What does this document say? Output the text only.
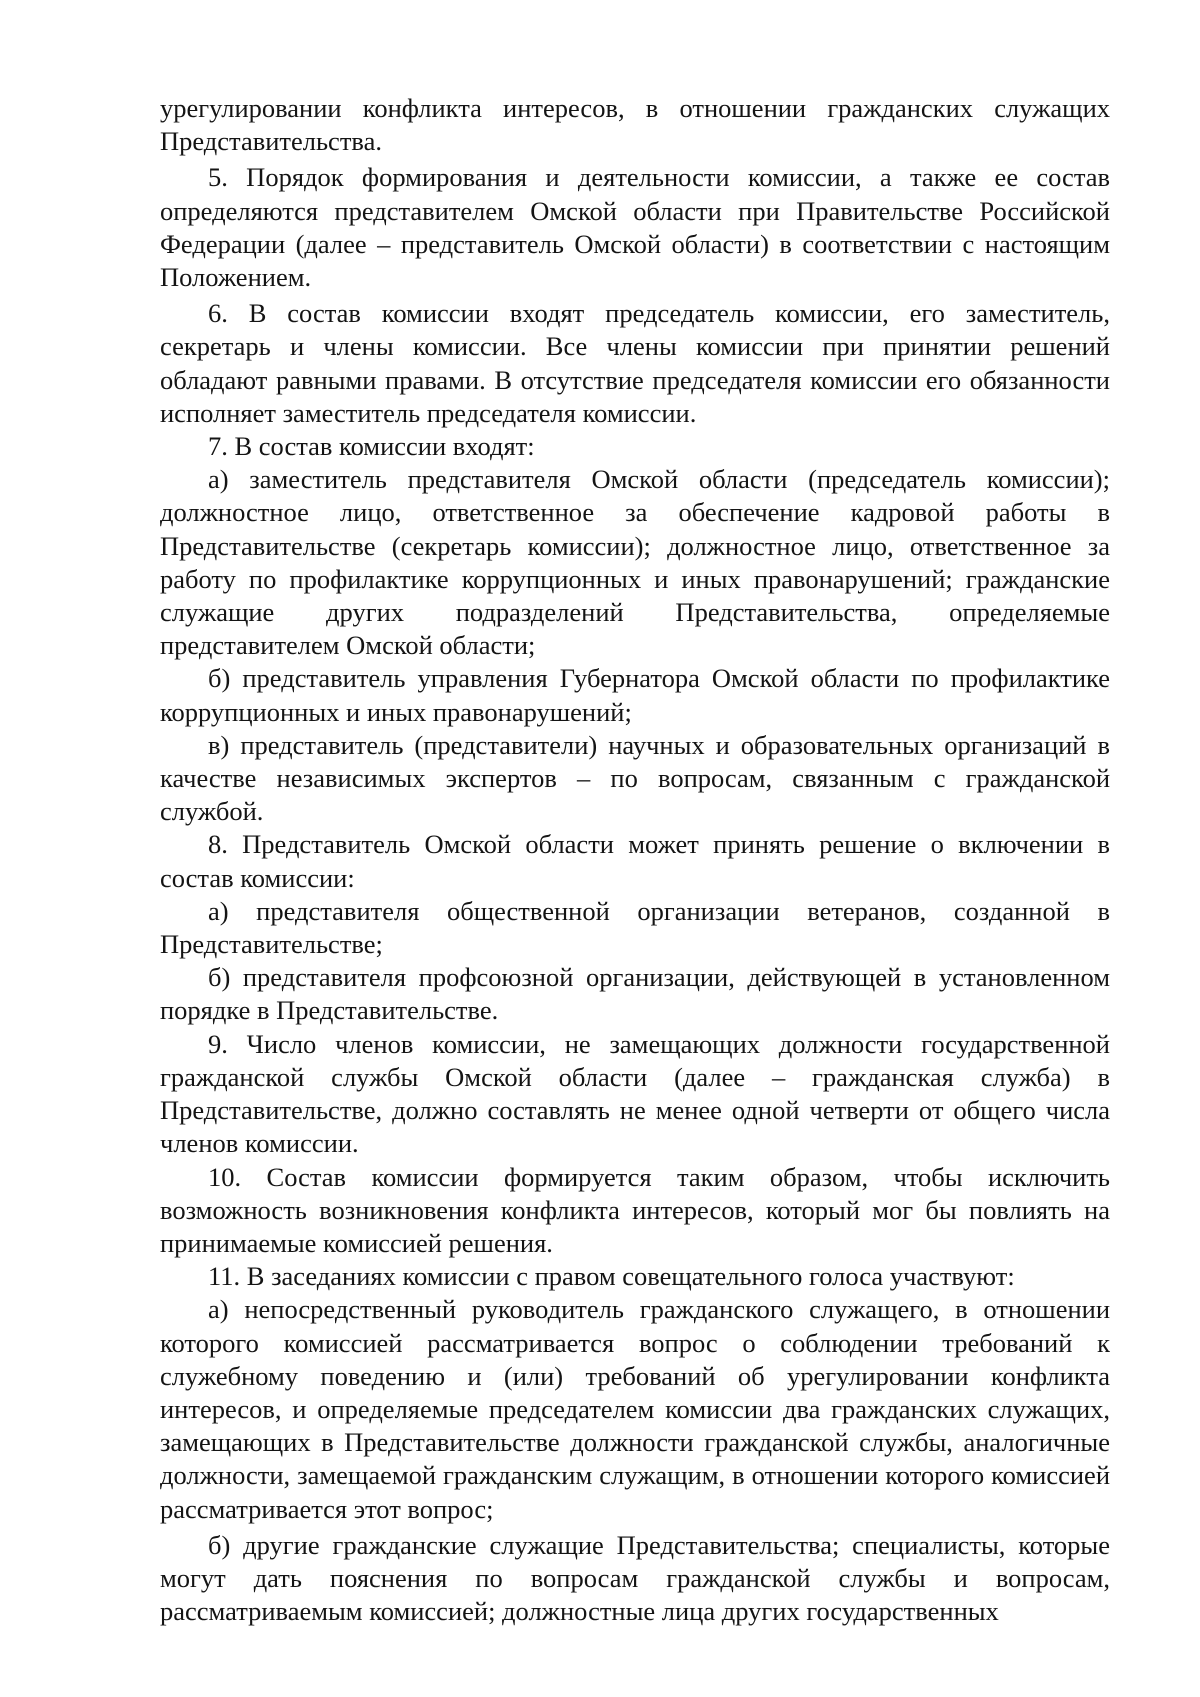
урегулировании конфликта интересов, в отношении гражданских служащих Представительства.

5. Порядок формирования и деятельности комиссии, а также ее состав определяются представителем Омской области при Правительстве Российской Федерации (далее – представитель Омской области) в соответствии с настоящим Положением.

6. В состав комиссии входят председатель комиссии, его заместитель, секретарь и члены комиссии. Все члены комиссии при принятии решений обладают равными правами. В отсутствие председателя комиссии его обязанности исполняет заместитель председателя комиссии.

7. В состав комиссии входят:

а) заместитель представителя Омской области (председатель комиссии); должностное лицо, ответственное за обеспечение кадровой работы в Представительстве (секретарь комиссии); должностное лицо, ответственное за работу по профилактике коррупционных и иных правонарушений; гражданские служащие других подразделений Представительства, определяемые представителем Омской области;

б) представитель управления Губернатора Омской области по профилактике коррупционных и иных правонарушений;

в) представитель (представители) научных и образовательных организаций в качестве независимых экспертов – по вопросам, связанным с гражданской службой.

8. Представитель Омской области может принять решение о включении в состав комиссии:

а) представителя общественной организации ветеранов, созданной в Представительстве;

б) представителя профсоюзной организации, действующей в установленном порядке в Представительстве.

9. Число членов комиссии, не замещающих должности государственной гражданской службы Омской области (далее – гражданская служба) в Представительстве, должно составлять не менее одной четверти от общего числа членов комиссии.

10. Состав комиссии формируется таким образом, чтобы исключить возможность возникновения конфликта интересов, который мог бы повлиять на принимаемые комиссией решения.

11. В заседаниях комиссии с правом совещательного голоса участвуют:

а) непосредственный руководитель гражданского служащего, в отношении которого комиссией рассматривается вопрос о соблюдении требований к служебному поведению и (или) требований об урегулировании конфликта интересов, и определяемые председателем комиссии два гражданских служащих, замещающих в Представительстве должности гражданской службы, аналогичные должности, замещаемой гражданским служащим, в отношении которого комиссией рассматривается этот вопрос;

б) другие гражданские служащие Представительства; специалисты, которые могут дать пояснения по вопросам гражданской службы и вопросам, рассматриваемым комиссией; должностные лица других государственных
